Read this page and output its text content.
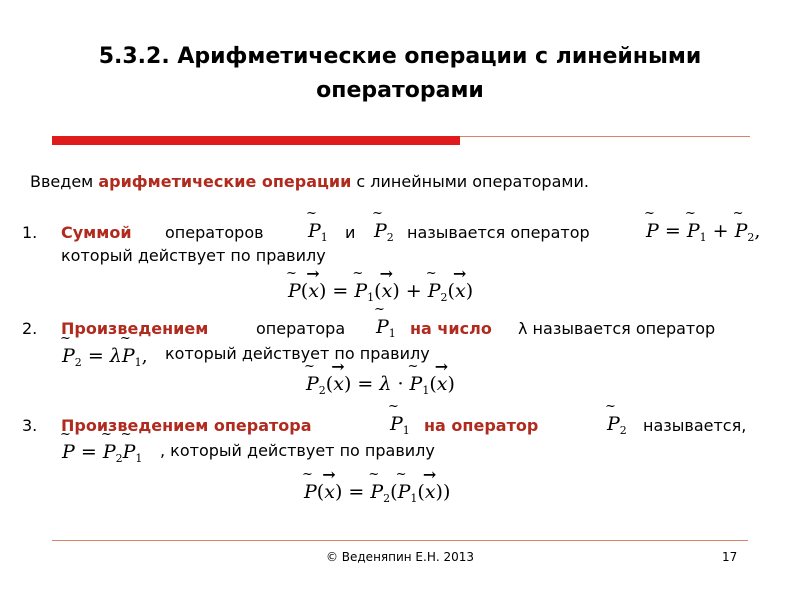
5.3.2. Арифметические операции с линейными
операторами
Введем арифметические операции с линейными операторами.
1. Суммой операторов ~ $P_1$ и ~ $P_2$ называется оператор	~ P = ~ $P_1$ + ~ $P_2$,
который действует по правилу
~ P(→ x) = ~ $P_1(\to x)$ + ~ $P_2(\to x)$
2. Произведением	оператора ~ $P_1$ на число λ называется оператор
~ $P_2$ = λ~ $P_1$, который действует по правилу
~ $P_2(\to x) = \lambda$ · ~ $P_1(\to x)$
3. Произведением оператора	~ $P_1$ на оператор	~ $P_2$ называется,
~ P = ~ $P_2\sim$ $P_1$ , который действует по правилу
~ P(→ x) = ~ $P_2(\sim$ $P_1(\to x)$)
© Веденяпин Е.Н. 2013	17
